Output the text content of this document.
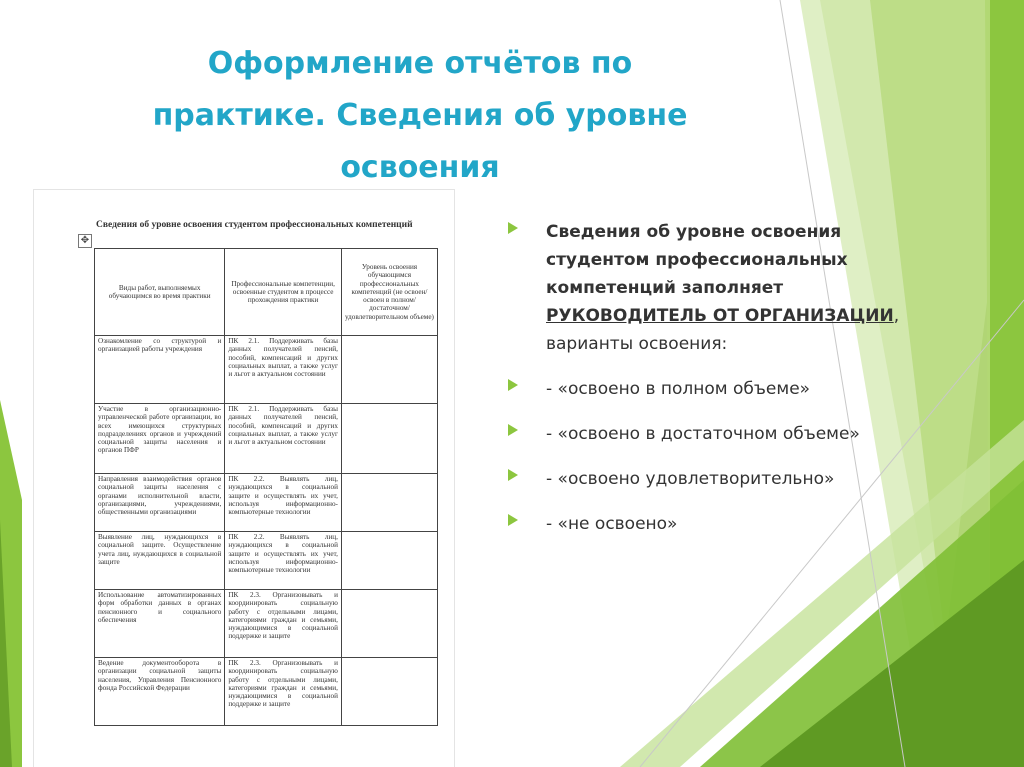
Оформление отчётов по
практике. Сведения об уровне
освоения
Сведения об уровне освоения студентом профессиональных компетенций
✥
Виды работ, выполняемых обучающимся во время практики	Профессиональные компетенции, освоенные студентом в процессе прохождения практики	Уровень освоения обучающимся профессиональных компетенций (не освоен/ освоен в полном/ достаточном/ удовлетворительном объеме)
Ознакомление со структурой и организацией работы учреждения	ПК 2.1. Поддерживать базы данных получателей пенсий, пособий, компенсаций и других социальных выплат, а также услуг и льгот в актуальном состоянии	
Участие в организационно-управленческой работе организации, во всех имеющихся структурных подразделениях органов и учреждений социальной защиты населения и органов ПФР	ПК 2.1. Поддерживать базы данных получателей пенсий, пособий, компенсаций и других социальных выплат, а также услуг и льгот в актуальном состоянии	
Направления взаимодействия органов социальной защиты населения с органами исполнительной власти, организациями, учреждениями, общественными организациями	ПК 2.2. Выявлять лиц, нуждающихся в социальной защите и осуществлять их учет, используя информационно-компьютерные технологии	
Выявление лиц, нуждающихся в социальной защите. Осуществление учета лиц, нуждающихся в социальной защите	ПК 2.2. Выявлять лиц, нуждающихся в социальной защите и осуществлять их учет, используя информационно-компьютерные технологии	
Использование автоматизированных форм обработки данных в органах пенсионного и социального обеспечения	ПК 2.3. Организовывать и координировать социальную работу с отдельными лицами, категориями граждан и семьями, нуждающимися в социальной поддержке и защите	
Ведение документооборота в организации социальной защиты населения, Управления Пенсионного фонда Российской Федерации	ПК 2.3. Организовывать и координировать социальную работу с отдельными лицами, категориями граждан и семьями, нуждающимися в социальной поддержке и защите	
Сведения об уровне освоения студентом профессиональных компетенций заполняет РУКОВОДИТЕЛЬ ОТ ОРГАНИЗАЦИИ, варианты освоения:
- «освоено в полном объеме»
- «освоено в достаточном объеме»
- «освоено удовлетворительно»
- «не освоено»
